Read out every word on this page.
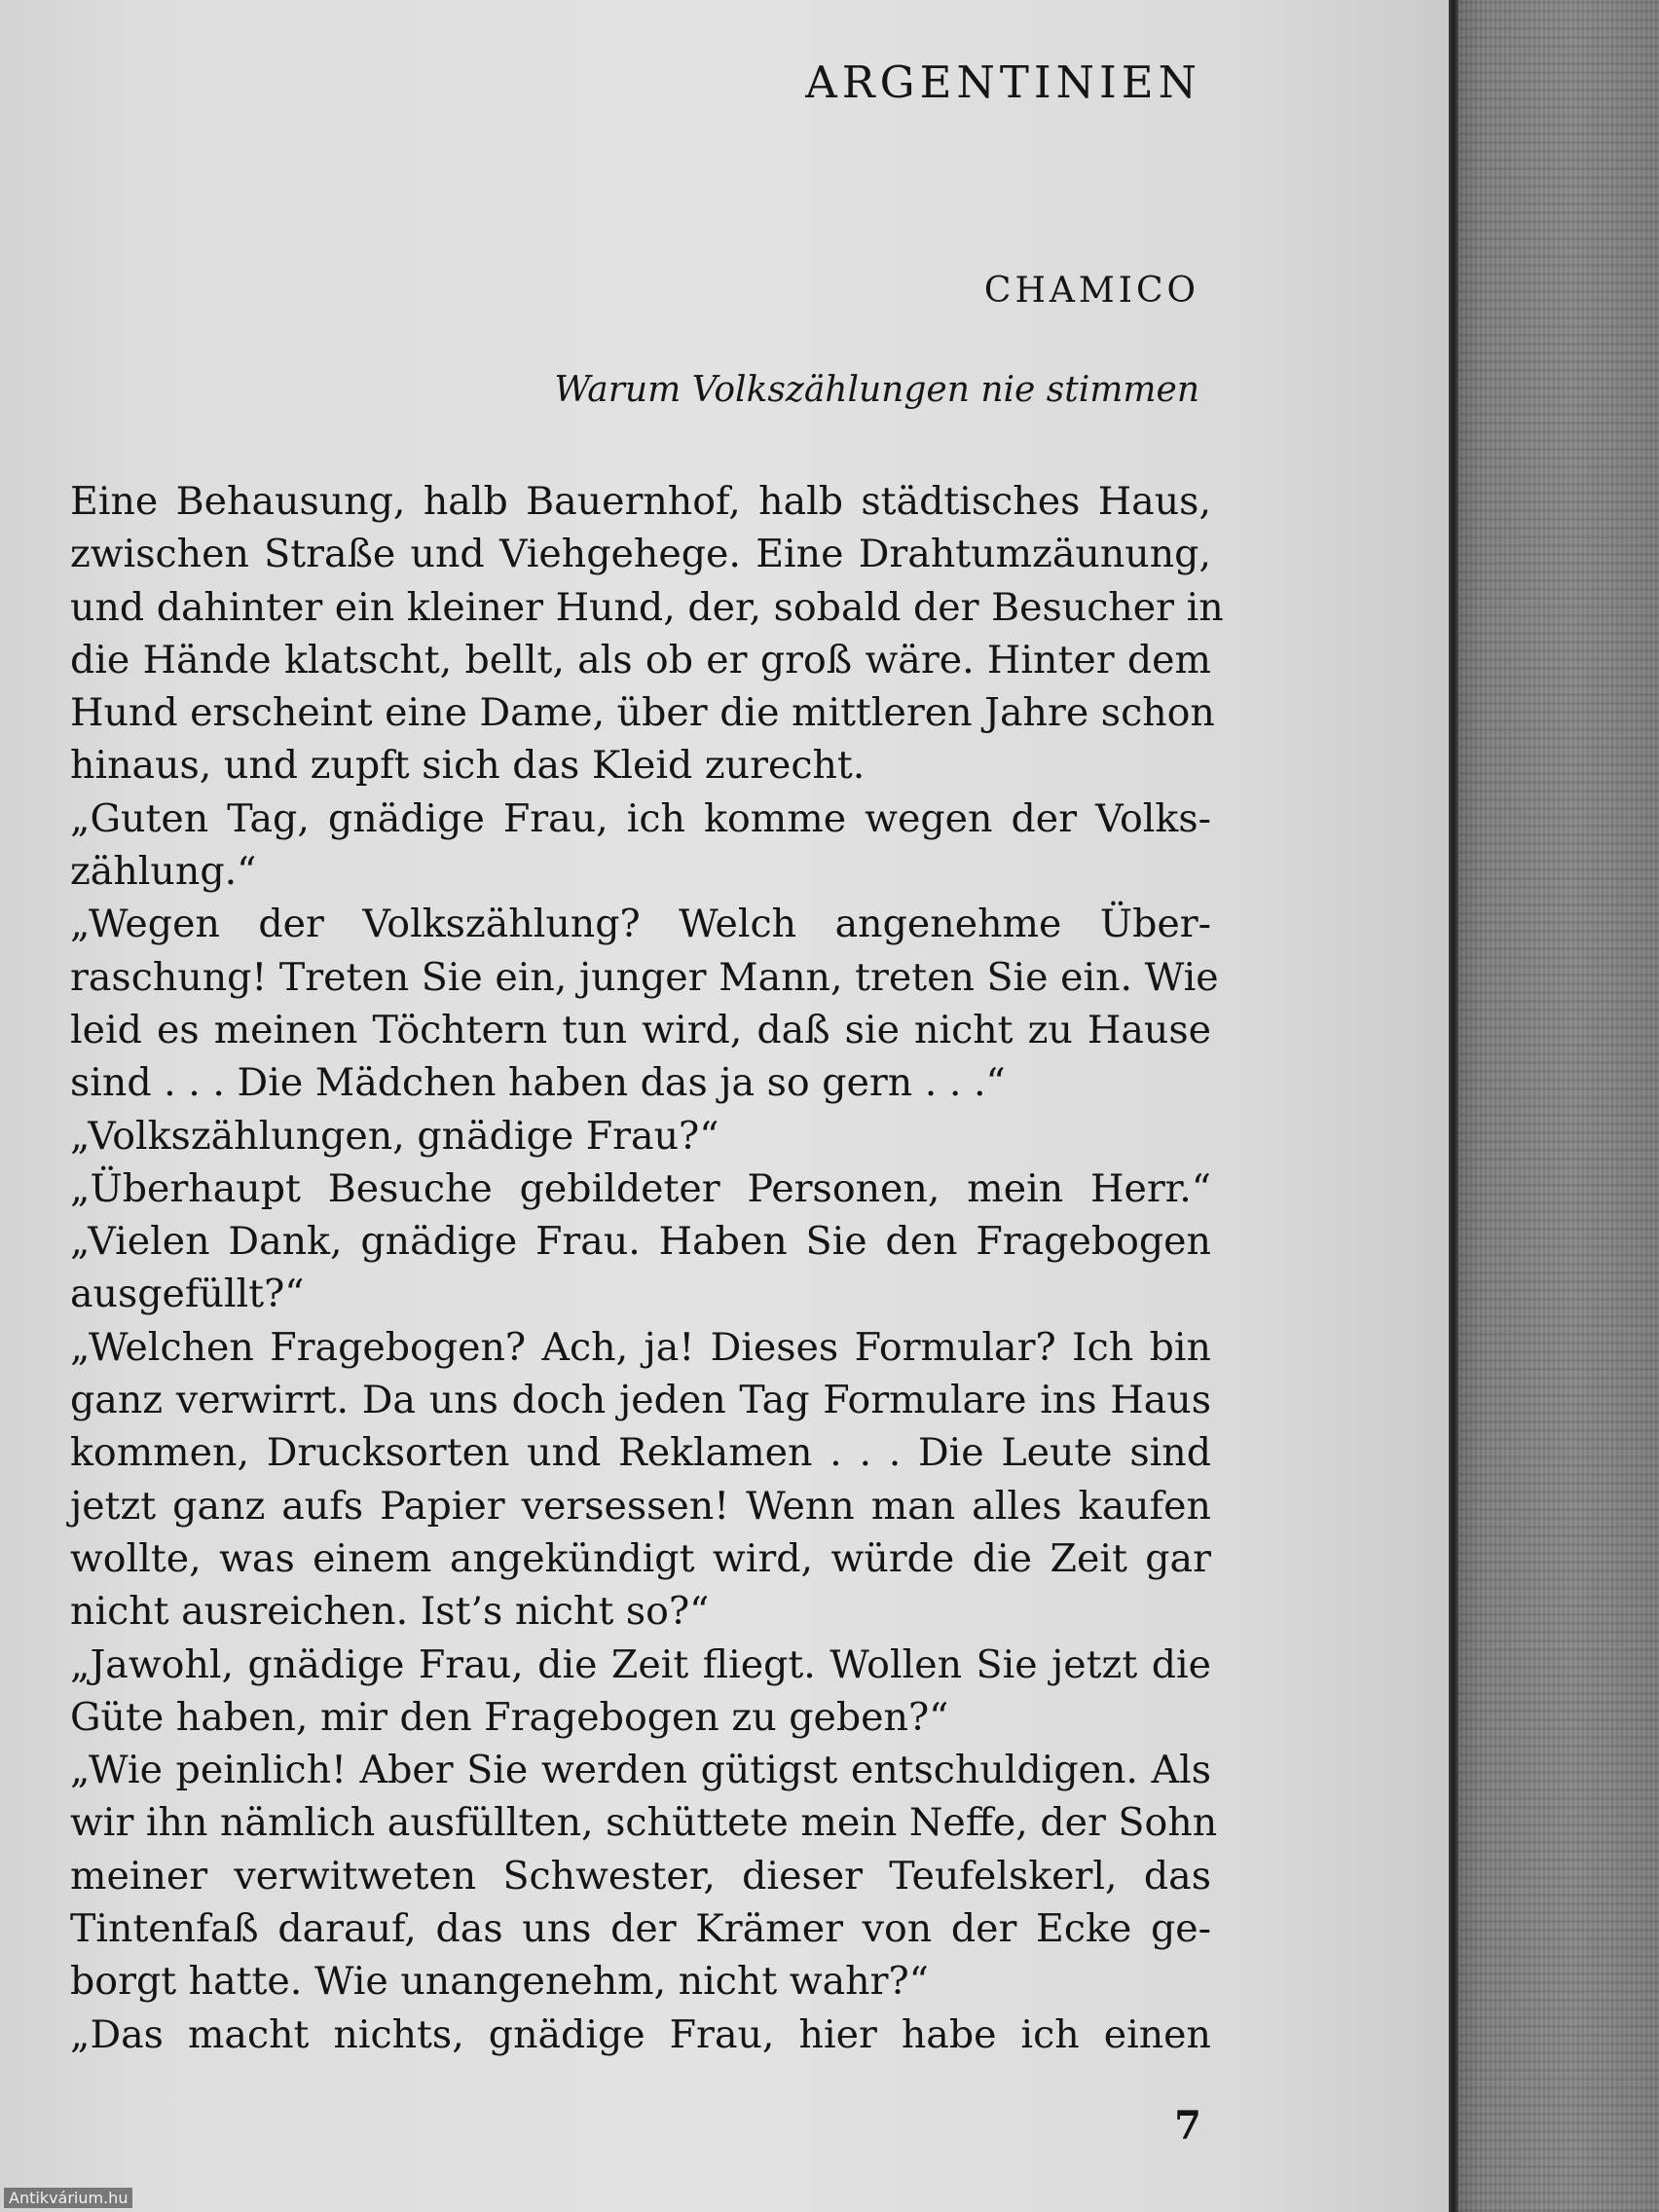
ARGENTINIEN
CHAMICO
Warum Volkszählungen nie stimmen
Eine Behausung, halb Bauernhof, halb städtisches Haus,
zwischen Straße und Viehgehege. Eine Drahtumzäunung,
und dahinter ein kleiner Hund, der, sobald der Besucher in
die Hände klatscht, bellt, als ob er groß wäre. Hinter dem
Hund erscheint eine Dame, über die mittleren Jahre schon
hinaus, und zupft sich das Kleid zurecht.
„Guten Tag, gnädige Frau, ich komme wegen der Volks-
zählung.“
„Wegen der Volkszählung? Welch angenehme Über-
raschung! Treten Sie ein, junger Mann, treten Sie ein. Wie
leid es meinen Töchtern tun wird, daß sie nicht zu Hause
sind . . . Die Mädchen haben das ja so gern . . .“
„Volkszählungen, gnädige Frau?“
„Überhaupt Besuche gebildeter Personen, mein Herr.“
„Vielen Dank, gnädige Frau. Haben Sie den Fragebogen
ausgefüllt?“
„Welchen Fragebogen? Ach, ja! Dieses Formular? Ich bin
ganz verwirrt. Da uns doch jeden Tag Formulare ins Haus
kommen, Drucksorten und Reklamen . . . Die Leute sind
jetzt ganz aufs Papier versessen! Wenn man alles kaufen
wollte, was einem angekündigt wird, würde die Zeit gar
nicht ausreichen. Ist’s nicht so?“
„Jawohl, gnädige Frau, die Zeit fliegt. Wollen Sie jetzt die
Güte haben, mir den Fragebogen zu geben?“
„Wie peinlich! Aber Sie werden gütigst entschuldigen. Als
wir ihn nämlich ausfüllten, schüttete mein Neffe, der Sohn
meiner verwitweten Schwester, dieser Teufelskerl, das
Tintenfaß darauf, das uns der Krämer von der Ecke ge-
borgt hatte. Wie unangenehm, nicht wahr?“
„Das macht nichts, gnädige Frau, hier habe ich einen

7

Antikvárium.hu
